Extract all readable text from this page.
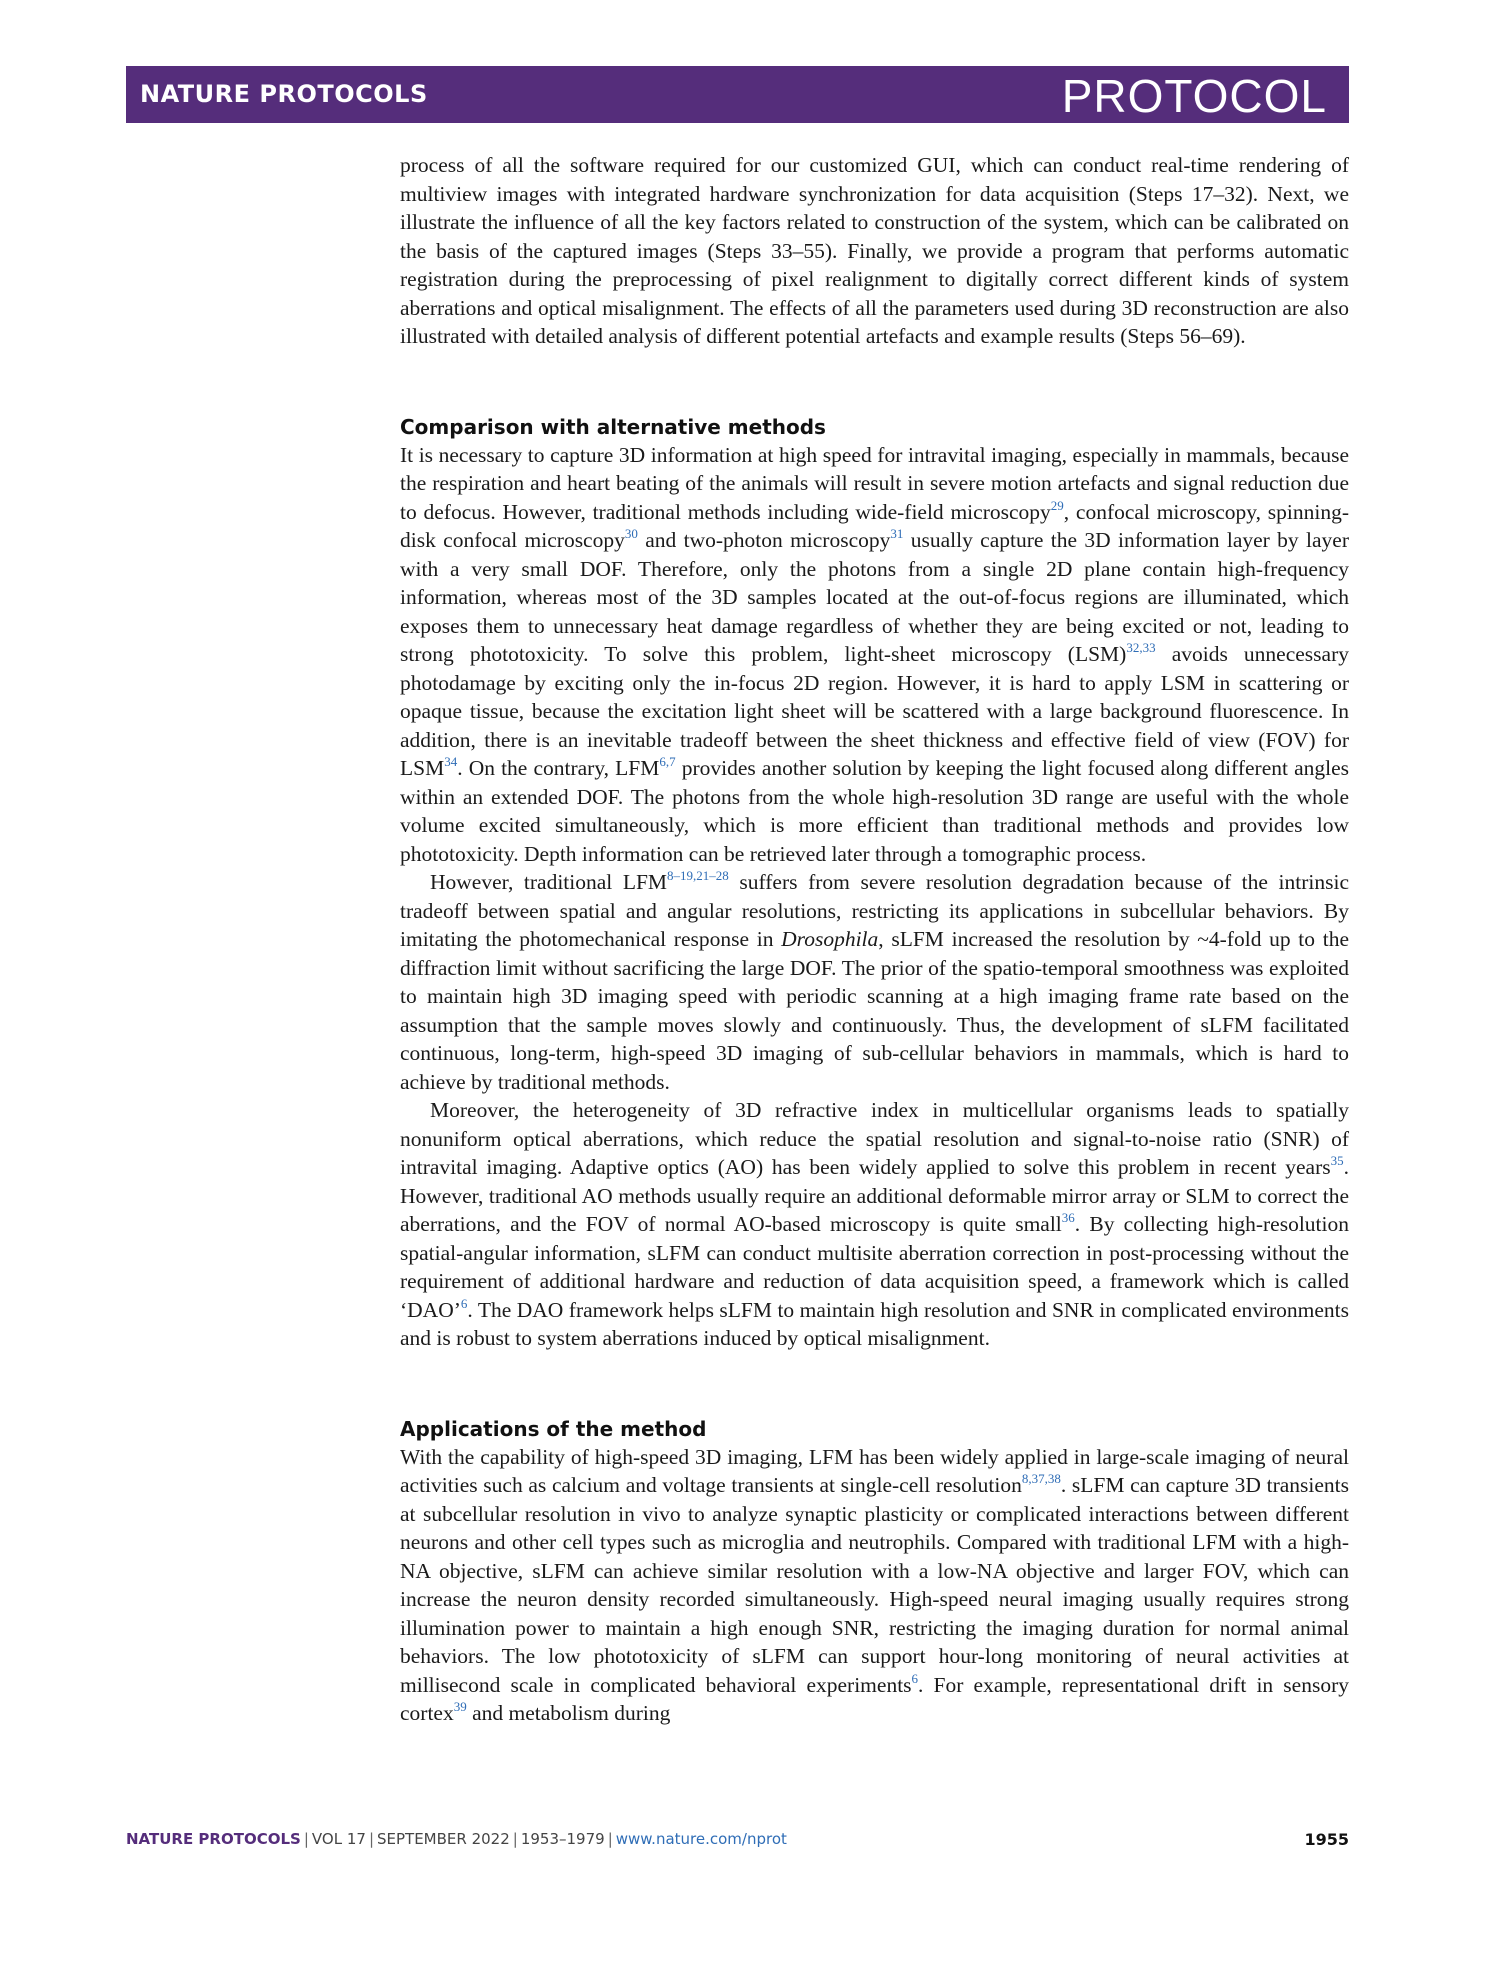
NATURE PROTOCOLS	PROTOCOL

process of all the software required for our customized GUI, which can conduct real-time rendering of multiview images with integrated hardware synchronization for data acquisition (Steps 17–32). Next, we illustrate the influence of all the key factors related to construction of the system, which can be calibrated on the basis of the captured images (Steps 33–55). Finally, we provide a program that performs automatic registration during the preprocessing of pixel realignment to digitally correct different kinds of system aberrations and optical misalignment. The effects of all the parameters used during 3D reconstruction are also illustrated with detailed analysis of different potential artefacts and example results (Steps 56–69).

Comparison with alternative methods

It is necessary to capture 3D information at high speed for intravital imaging, especially in mammals, because the respiration and heart beating of the animals will result in severe motion artefacts and signal reduction due to defocus. However, traditional methods including wide-field microscopy$^{29}$, confocal microscopy, spinning-disk confocal microscopy$^{30}$ and two-photon microscopy$^{31}$ usually capture the 3D information layer by layer with a very small DOF. Therefore, only the photons from a single 2D plane contain high-frequency information, whereas most of the 3D samples located at the out-of-focus regions are illuminated, which exposes them to unnecessary heat damage regardless of whether they are being excited or not, leading to strong phototoxicity. To solve this problem, light-sheet microscopy (LSM)$^{32,33}$ avoids unnecessary photodamage by exciting only the in-focus 2D region. However, it is hard to apply LSM in scattering or opaque tissue, because the excitation light sheet will be scattered with a large background fluorescence. In addition, there is an inevitable tradeoff between the sheet thickness and effective field of view (FOV) for LSM$^{34}$. On the contrary, LFM$^{6,7}$ provides another solution by keeping the light focused along different angles within an extended DOF. The photons from the whole high-resolution 3D range are useful with the whole volume excited simultaneously, which is more efficient than traditional methods and provides low phototoxicity. Depth information can be retrieved later through a tomographic process.

However, traditional LFM$^{8-19,21-28}$ suffers from severe resolution degradation because of the intrinsic tradeoff between spatial and angular resolutions, restricting its applications in subcellular behaviors. By imitating the photomechanical response in Drosophila, sLFM increased the resolution by ~4-fold up to the diffraction limit without sacrificing the large DOF. The prior of the spatio-temporal smoothness was exploited to maintain high 3D imaging speed with periodic scanning at a high imaging frame rate based on the assumption that the sample moves slowly and continuously. Thus, the development of sLFM facilitated continuous, long-term, high-speed 3D imaging of sub-cellular behaviors in mammals, which is hard to achieve by traditional methods.

Moreover, the heterogeneity of 3D refractive index in multicellular organisms leads to spatially nonuniform optical aberrations, which reduce the spatial resolution and signal-to-noise ratio (SNR) of intravital imaging. Adaptive optics (AO) has been widely applied to solve this problem in recent years$^{35}$. However, traditional AO methods usually require an additional deformable mirror array or SLM to correct the aberrations, and the FOV of normal AO-based microscopy is quite small$^{36}$. By collecting high-resolution spatial-angular information, sLFM can conduct multisite aberration correction in post-processing without the requirement of additional hardware and reduction of data acquisition speed, a framework which is called ‘DAO’$^6$. The DAO framework helps sLFM to maintain high resolution and SNR in complicated environments and is robust to system aberrations induced by optical misalignment.

Applications of the method

With the capability of high-speed 3D imaging, LFM has been widely applied in large-scale imaging of neural activities such as calcium and voltage transients at single-cell resolution$^{8,37,38}$. sLFM can capture 3D transients at subcellular resolution in vivo to analyze synaptic plasticity or complicated interactions between different neurons and other cell types such as microglia and neutrophils. Compared with traditional LFM with a high-NA objective, sLFM can achieve similar resolution with a low-NA objective and larger FOV, which can increase the neuron density recorded simultaneously. High-speed neural imaging usually requires strong illumination power to maintain a high enough SNR, restricting the imaging duration for normal animal behaviors. The low phototoxicity of sLFM can support hour-long monitoring of neural activities at millisecond scale in complicated behavioral experiments$^6$. For example, representational drift in sensory cortex$^{39}$ and metabolism during

NATURE PROTOCOLS | VOL 17 | SEPTEMBER 2022 | 1953–1979 | www.nature.com/nprot	1955
